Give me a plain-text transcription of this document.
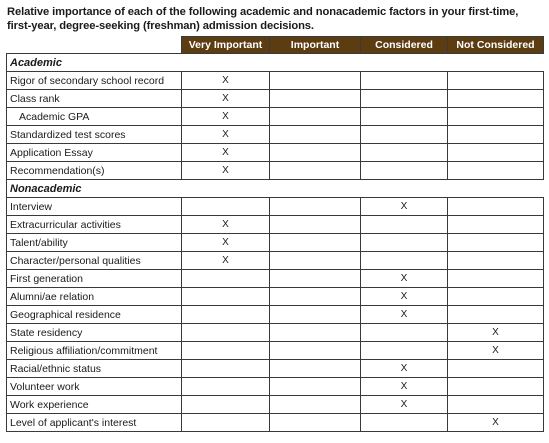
Relative importance of each of the following academic and nonacademic factors in your first-time, first-year, degree-seeking (freshman) admission decisions.
	Very Important	Important	Considered	Not Considered
Academic				
Rigor of secondary school record	X			
Class rank	X			
Academic GPA	X			
Standardized test scores	X			
Application Essay	X			
Recommendation(s)	X			
Nonacademic				
Interview			X	
Extracurricular activities	X			
Talent/ability	X			
Character/personal qualities	X			
First generation			X	
Alumni/ae relation			X	
Geographical residence			X	
State residency				X
Religious affiliation/commitment				X
Racial/ethnic status			X	
Volunteer work			X	
Work experience			X	
Level of applicant's interest				X
